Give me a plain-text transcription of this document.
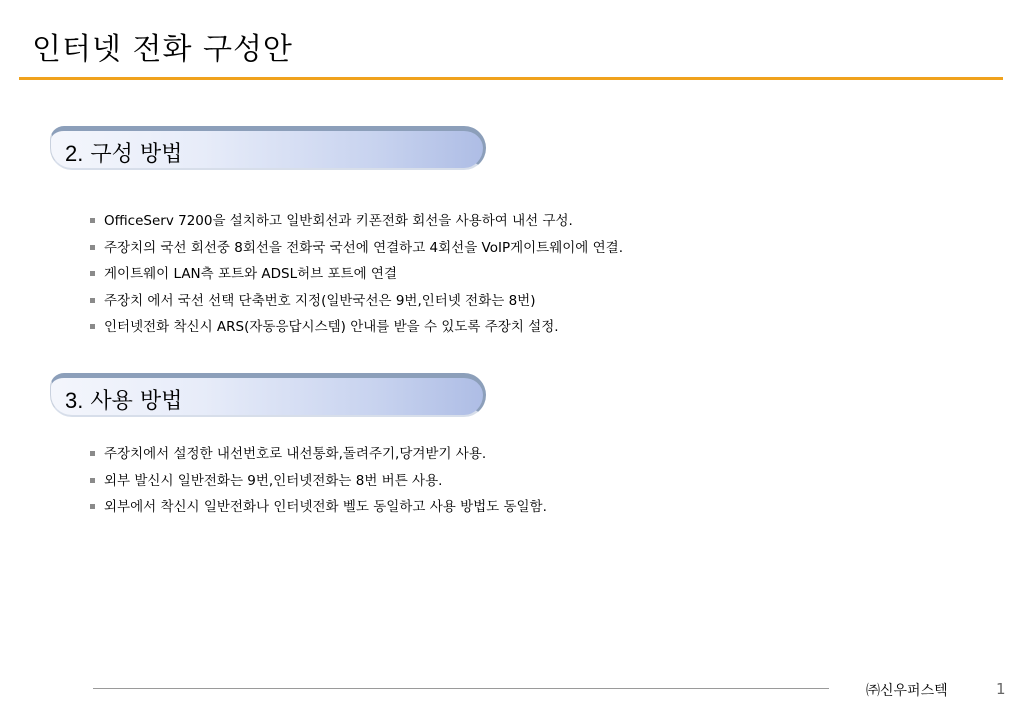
인터넷 전화 구성안
2. 구성 방법
OfficeServ 7200을 설치하고 일반회선과 키폰전화 회선을 사용하여 내선 구성.
주장치의 국선 회선중 8회선을 전화국 국선에 연결하고 4회선을 VoIP게이트웨이에 연결.
게이트웨이 LAN측 포트와 ADSL허브 포트에 연결
주장치 에서 국선 선택 단축번호 지정(일반국선은 9번,인터넷 전화는 8번)
인터넷전화 착신시 ARS(자동응답시스템) 안내를 받을 수 있도록 주장치 설정.
3. 사용 방법
주장치에서 설정한 내선번호로 내선통화,돌려주기,당겨받기 사용.
외부 발신시 일반전화는 9번,인터넷전화는 8번 버튼 사용.
외부에서 착신시 일반전화나 인터넷전화 벨도 동일하고 사용 방법도 동일함.
㈜신우퍼스텍	1
